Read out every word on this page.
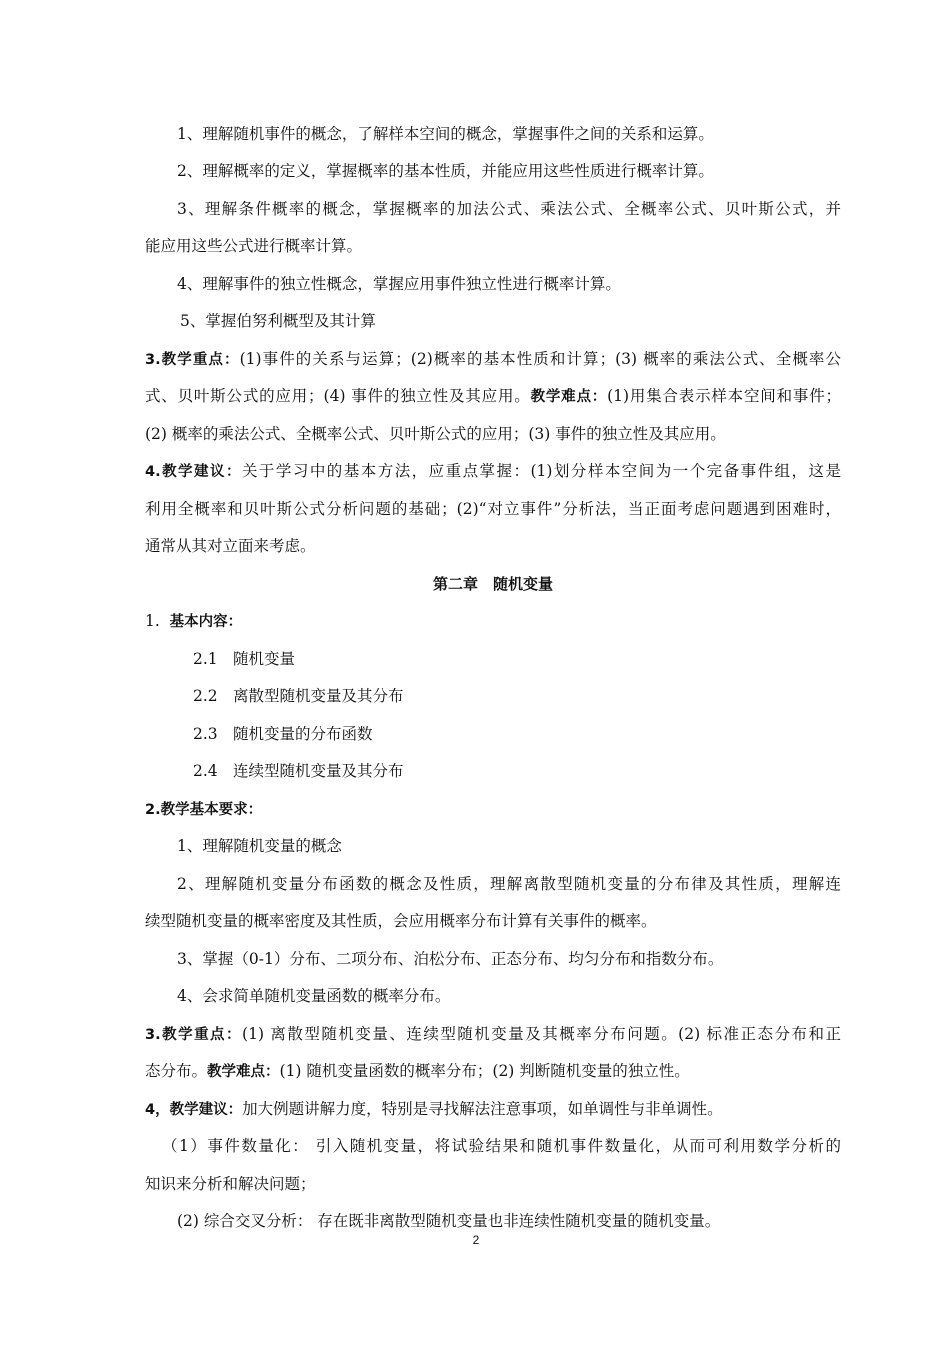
1、理解随机事件的概念，了解样本空间的概念，掌握事件之间的关系和运算。
2、理解概率的定义，掌握概率的基本性质，并能应用这些性质进行概率计算。
3、理解条件概率的概念，掌握概率的加法公式、乘法公式、全概率公式、贝叶斯公式，并
能应用这些公式进行概率计算。
4、理解事件的独立性概念，掌握应用事件独立性进行概率计算。
5、掌握伯努利概型及其计算
3.教学重点：(1)事件的关系与运算；(2)概率的基本性质和计算；(3) 概率的乘法公式、全概率公
式、贝叶斯公式的应用；(4) 事件的独立性及其应用。教学难点：(1)用集合表示样本空间和事件；
(2) 概率的乘法公式、全概率公式、贝叶斯公式的应用；(3) 事件的独立性及其应用。
4.教学建议：关于学习中的基本方法，应重点掌握：(1)划分样本空间为一个完备事件组，这是
利用全概率和贝叶斯公式分析问题的基础；(2)“对立事件”分析法，当正面考虑问题遇到困难时，
通常从其对立面来考虑。
第二章　随机变量
1. 基本内容：
2.1 随机变量
2.2 离散型随机变量及其分布
2.3 随机变量的分布函数
2.4 连续型随机变量及其分布
2.教学基本要求：
1、理解随机变量的概念
2、理解随机变量分布函数的概念及性质，理解离散型随机变量的分布律及其性质，理解连
续型随机变量的概率密度及其性质，会应用概率分布计算有关事件的概率。
3、掌握（0-1）分布、二项分布、泊松分布、正态分布、均匀分布和指数分布。
4、会求简单随机变量函数的概率分布。
3.教学重点：(1) 离散型随机变量、连续型随机变量及其概率分布问题。(2) 标准正态分布和正
态分布。教学难点：(1) 随机变量函数的概率分布；(2) 判断随机变量的独立性。
4，教学建议：加大例题讲解力度，特别是寻找解法注意事项，如单调性与非单调性。
（1）事件数量化： 引入随机变量，将试验结果和随机事件数量化，从而可利用数学分析的
知识来分析和解决问题；
(2) 综合交叉分析： 存在既非离散型随机变量也非连续性随机变量的随机变量。
2
